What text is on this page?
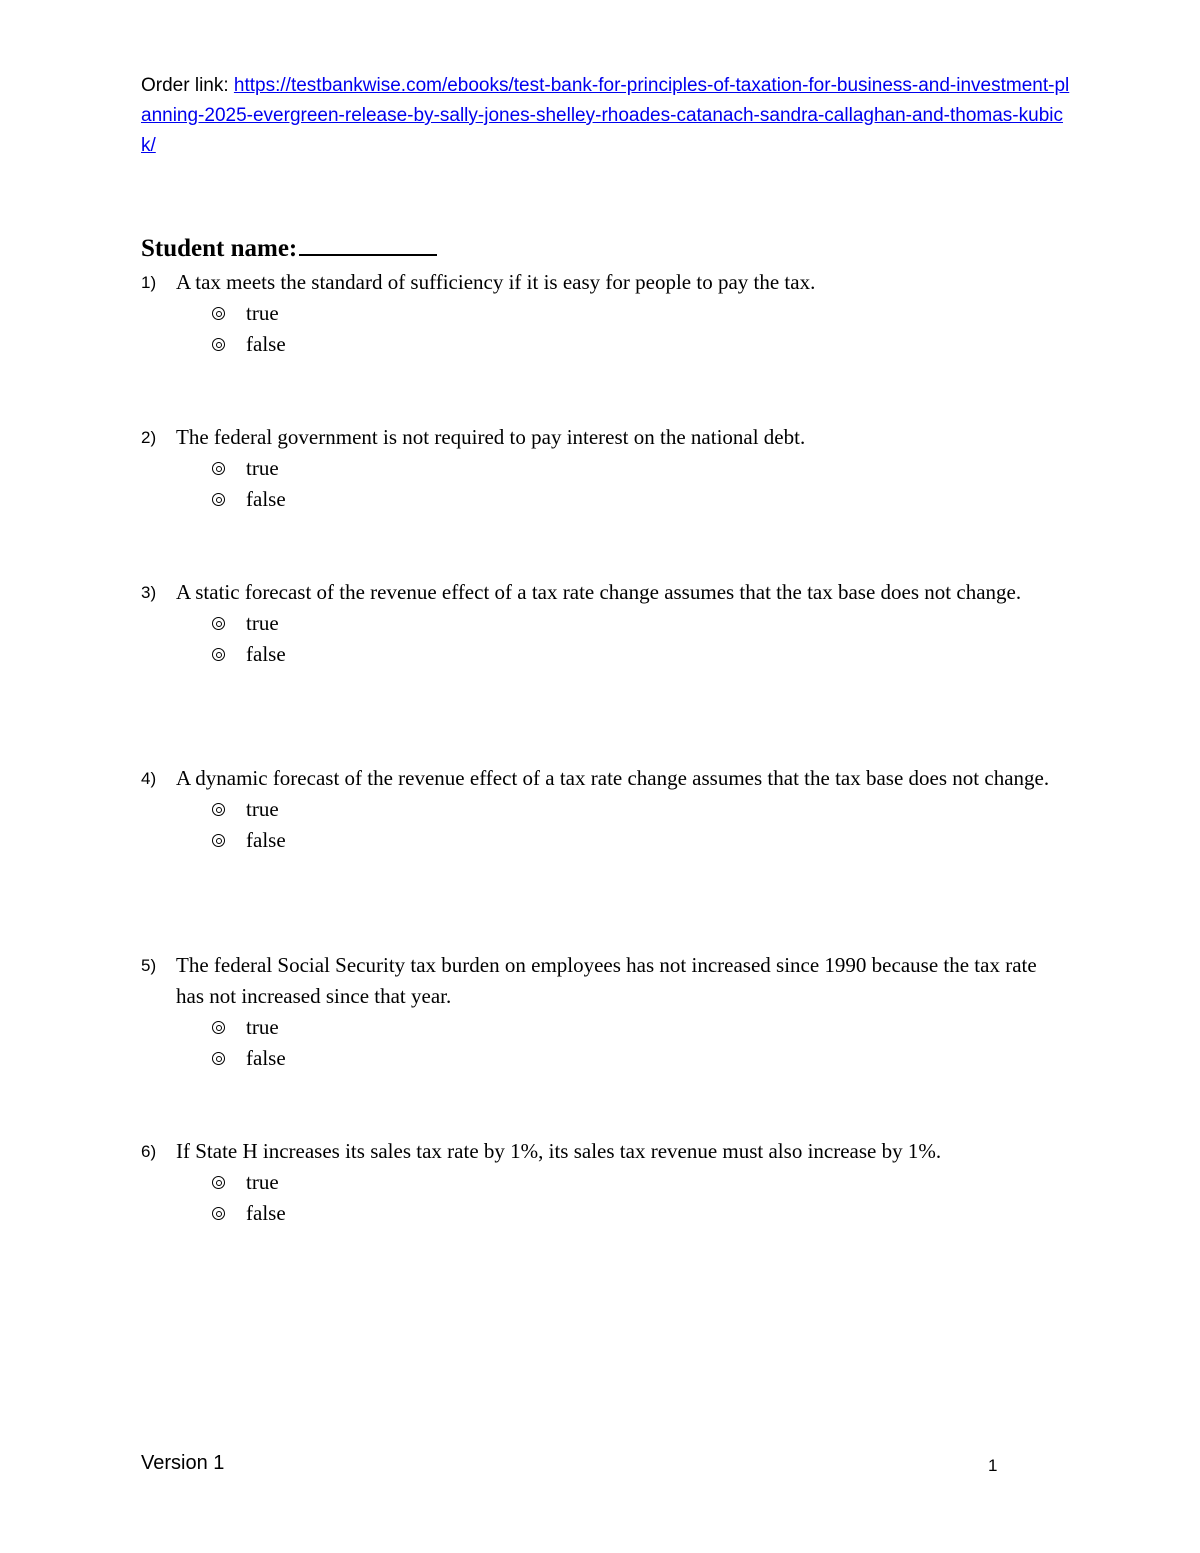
Order link: https://testbankwise.com/ebooks/test-bank-for-principles-of-taxation-for-business-and-investment-planning-2025-evergreen-release-by-sally-jones-shelley-rhoades-catanach-sandra-callaghan-and-thomas-kubick/
Student name:
1) A tax meets the standard of sufficiency if it is easy for people to pay the tax.
true
false
2) The federal government is not required to pay interest on the national debt.
true
false
3) A static forecast of the revenue effect of a tax rate change assumes that the tax base does not change.
true
false
4) A dynamic forecast of the revenue effect of a tax rate change assumes that the tax base does not change.
true
false
5) The federal Social Security tax burden on employees has not increased since 1990 because the tax rate has not increased since that year.
true
false
6) If State H increases its sales tax rate by 1%, its sales tax revenue must also increase by 1%.
true
false
Version 1	1
